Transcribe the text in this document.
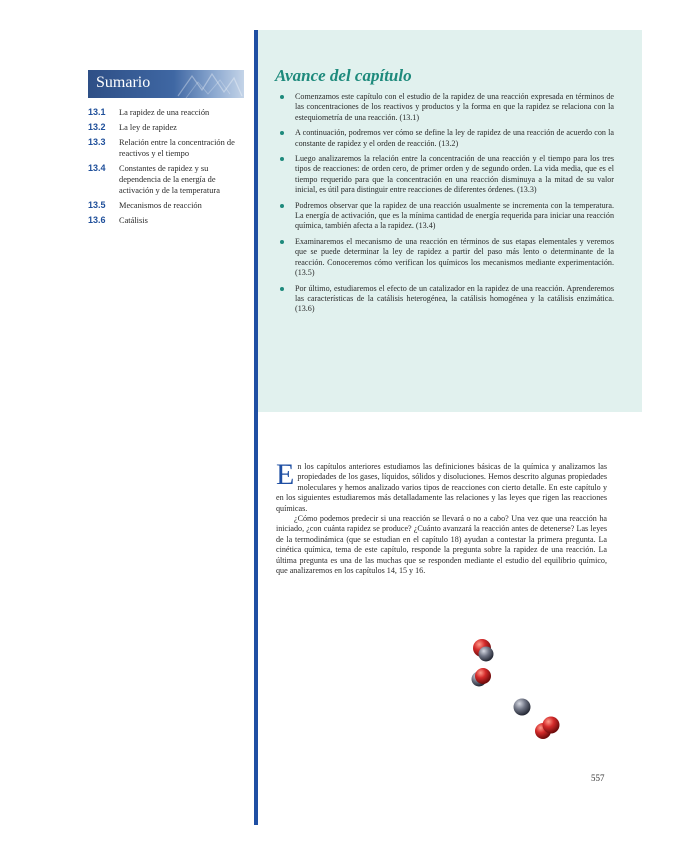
Sumario
13.1	La rapidez de una reacción
13.2	La ley de rapidez
13.3	Relación entre la concentración de reactivos y el tiempo
13.4	Constantes de rapidez y su dependencia de la energía de activación y de la temperatura
13.5	Mecanismos de reacción
13.6	Catálisis
Avance del capítulo
Comenzamos este capítulo con el estudio de la rapidez de una reacción expresada en términos de las concentraciones de los reactivos y productos y la forma en que la rapidez se relaciona con la estequiometría de una reacción. (13.1)
A continuación, podremos ver cómo se define la ley de rapidez de una reacción de acuerdo con la constante de rapidez y el orden de reacción. (13.2)
Luego analizaremos la relación entre la concentración de una reacción y el tiempo para los tres tipos de reacciones: de orden cero, de primer orden y de segundo orden. La vida media, que es el tiempo requerido para que la concentración en una reacción disminuya a la mitad de su valor inicial, es útil para distinguir entre reacciones de diferentes órdenes. (13.3)
Podremos observar que la rapidez de una reacción usualmente se incrementa con la temperatura. La energía de activación, que es la mínima cantidad de energía requerida para iniciar una reacción química, también afecta a la rapidez. (13.4)
Examinaremos el mecanismo de una reacción en términos de sus etapas elementales y veremos que se puede determinar la ley de rapidez a partir del paso más lento o determinante de la reacción. Conoceremos cómo verifican los químicos los mecanismos mediante experimentación. (13.5)
Por último, estudiaremos el efecto de un catalizador en la rapidez de una reacción. Aprenderemos las características de la catálisis heterogénea, la catálisis homogénea y la catálisis enzimática. (13.6)

En los capítulos anteriores estudiamos las definiciones básicas de la química y analizamos las propiedades de los gases, líquidos, sólidos y disoluciones. Hemos descrito algunas propiedades moleculares y hemos analizado varios tipos de reacciones con cierto detalle. En este capítulo y en los siguientes estudiaremos más detalladamente las relaciones y las leyes que rigen las reacciones químicas.

¿Cómo podemos predecir si una reacción se llevará o no a cabo? Una vez que una reacción ha iniciado, ¿con cuánta rapidez se produce? ¿Cuánto avanzará la reacción antes de detenerse? Las leyes de la termodinámica (que se estudian en el capítulo 18) ayudan a contestar la primera pregunta. La cinética química, tema de este capítulo, responde la pregunta sobre la rapidez de una reacción. La última pregunta es una de las muchas que se responden mediante el estudio del equilibrio químico, que analizaremos en los capítulos 14, 15 y 16.

557
